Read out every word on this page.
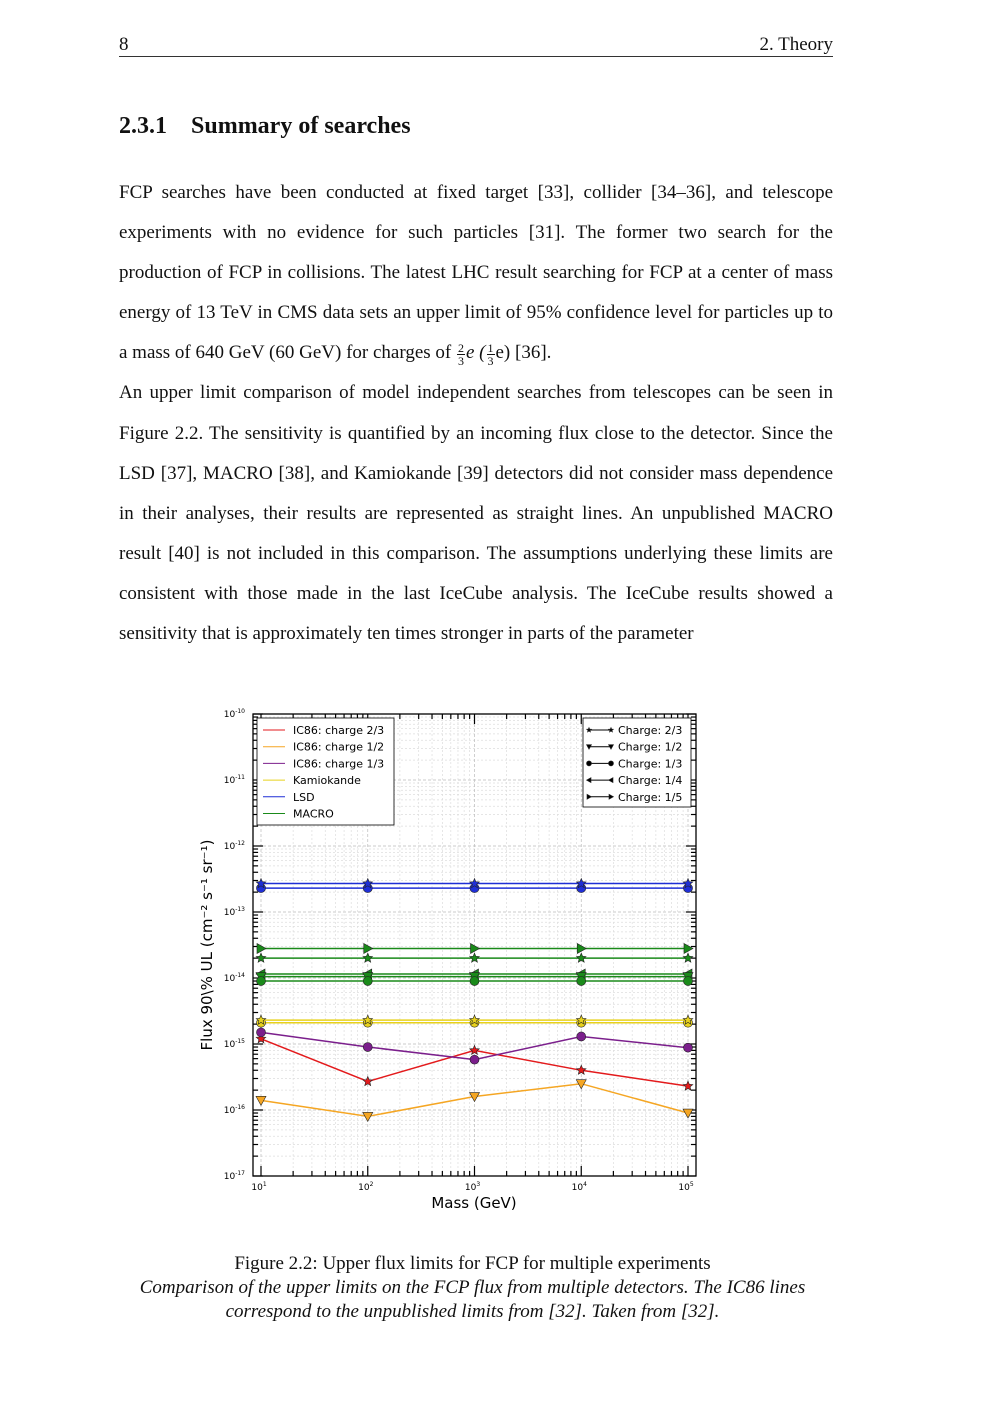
8	2. Theory
2.3.1 Summary of searches

FCP searches have been conducted at fixed target [33], collider [34–36], and telescope experiments with no evidence for such particles [31]. The former two search for the production of FCP in collisions. The latest LHC result searching for FCP at a center of mass energy of 13 TeV in CMS data sets an upper limit of 95% confidence level for particles up to a mass of 640 GeV (60 GeV) for charges of $\frac{2}{3}$ e ( $\frac{1}{3} e$) [36].

An upper limit comparison of model independent searches from telescopes can be seen in Figure 2.2. The sensitivity is quantified by an incoming flux close to the detector. Since the LSD [37], MACRO [38], and Kamiokande [39] detectors did not consider mass dependence in their analyses, their results are represented as straight lines. An unpublished MACRO result [40] is not included in this comparison. The assumptions underlying these limits are consistent with those made in the last IceCube analysis. The IceCube results showed a sensitivity that is approximately ten times stronger in parts of the parameter

$10^{-10}$
$10^{-11}$
$10^{-12}$
$10^{-13}$
$10^{-14}$
$10^{-15}$
$10^{-16}$
$10^{-17}$
$10^1$	$10^2$	$10^3$	$10^4$	$10^5$
IC86: charge 2/3
IC86: charge 1/2
IC86: charge 1/3
Kamiokande
LSD
MACRO
Charge: 2/3
Charge: 1/2
Charge: 1/3
Charge: 1/4
Charge: 1/5
Mass (GeV)
Flux 90\% UL (cm⁻² s⁻¹ sr⁻¹)
Figure 2.2: Upper flux limits for FCP for multiple experiments
Comparison of the upper limits on the FCP flux from multiple detectors. The IC86 lines correspond to the unpublished limits from [32]. Taken from [32].
